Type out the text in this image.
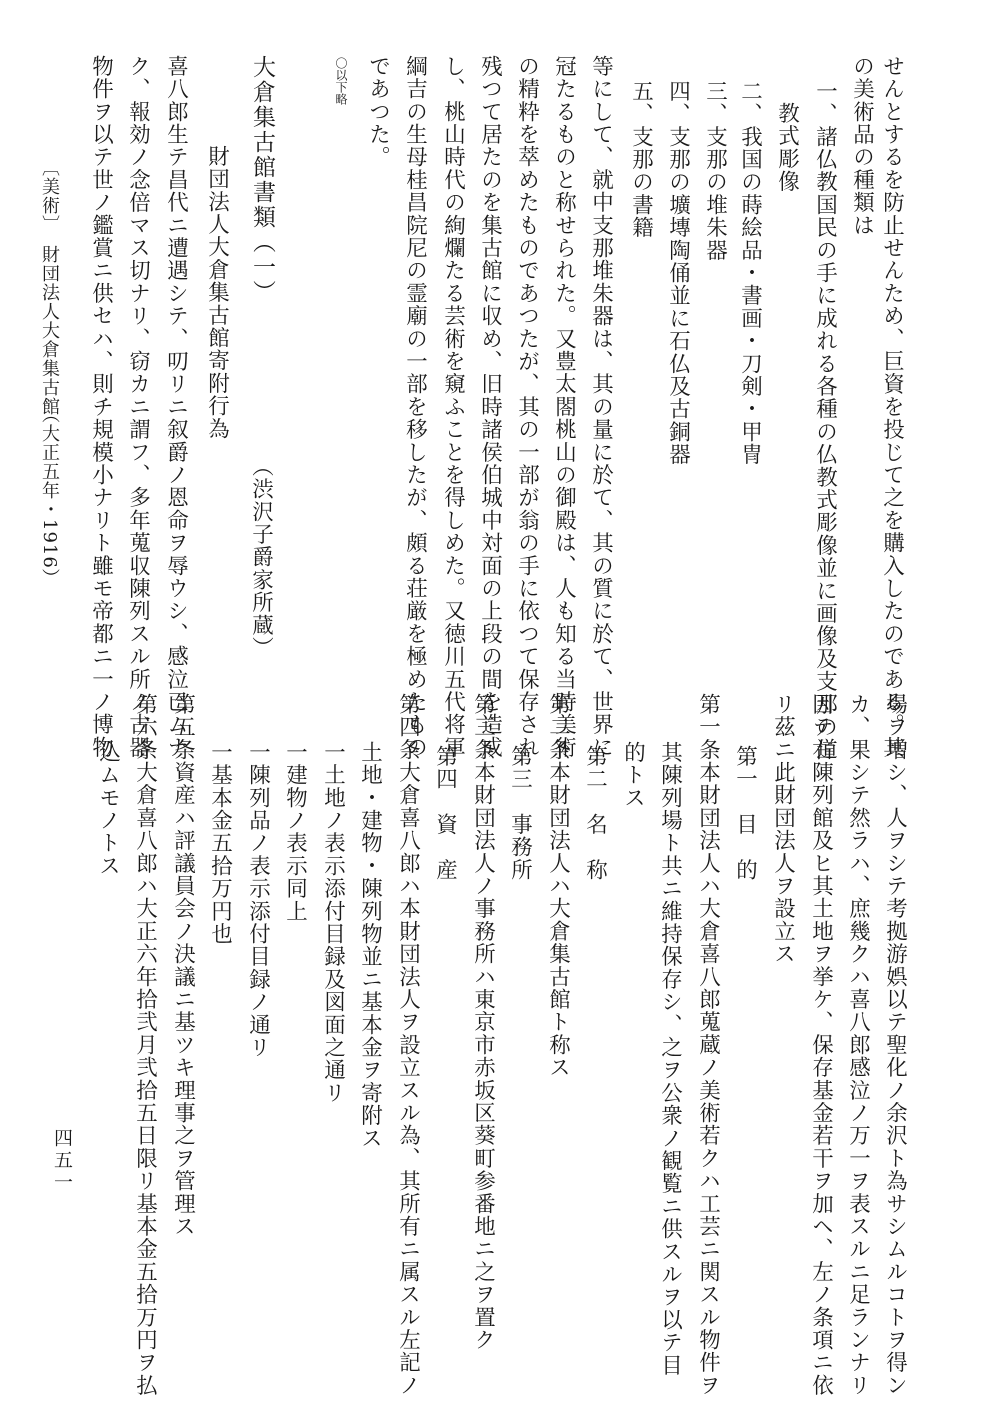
せんとするを防止せんため、巨資を投じて之を購入したのである。其
の美術品の種類は
一、諸仏教国民の手に成れる各種の仏教式彫像並に画像及支那の道
教式彫像
二、我国の蒔絵品・書画・刀剣・甲冑
三、支那の堆朱器
四、支那の壙塼陶俑並に石仏及古銅器
五、支那の書籍
等にして、就中支那堆朱器は、其の量に於て、其の質に於て、世界に
冠たるものと称せられた。又豊太閤桃山の御殿は、人も知る当時美術
の精粋を萃めたものであつたが、其の一部が翁の手に依つて保存され
残つて居たのを集古館に収め、旧時諸侯伯城中対面の上段の間を造成
し、桃山時代の絢爛たる芸術を窺ふことを得しめた。又徳川五代将軍
綱吉の生母桂昌院尼の霊廟の一部を移したが、頗る荘厳を極めたもの
であつた。
〇以下略
大倉集古館書類（一）
（渋沢子爵家所蔵）
財団法人大倉集古館寄附行為
喜八郎生テ昌代ニ遭遇シテ、叨リニ叙爵ノ恩命ヲ辱ウシ、感泣已ムナ
ク、報効ノ念倍マス切ナリ、窃カニ謂フ、多年蒐収陳列スル所ノ古器
物件ヲ以テ世ノ鑑賞ニ供セハ、則チ規模小ナリト雖モ帝都ニ一ノ博物
〔美術〕
財団法人大倉集古館
（大正五年・1916）
場ヲ増シ、人ヲシテ考拠游娯以テ聖化ノ余沢ト為サシムルコトヲ得ン
カ、果シテ然ラハ、庶幾クハ喜八郎感泣ノ万一ヲ表スルニ足ランナリ
因テ右陳列館及ヒ其土地ヲ挙ケ、保存基金若干ヲ加ヘ、左ノ条項ニ依
リ茲ニ此財団法人ヲ設立ス
第一　目　的
第一条本財団法人ハ大倉喜八郎蒐蔵ノ美術若クハ工芸ニ関スル物件ヲ
其陳列場ト共ニ維持保存シ、之ヲ公衆ノ観覧ニ供スルヲ以テ目
的トス
第二　名　称
第二条本財団法人ハ大倉集古館ト称ス
第三　事務所
第三条本財団法人ノ事務所ハ東京市赤坂区葵町参番地ニ之ヲ置ク
第四　資　産
第四条大倉喜八郎ハ本財団法人ヲ設立スル為、其所有ニ属スル左記ノ
土地・建物・陳列物並ニ基本金ヲ寄附ス
一土地ノ表示添付目録及図面之通リ
一建物ノ表示同上
一陳列品ノ表示添付目録ノ通リ
一基本金五拾万円也
第五条資産ハ評議員会ノ決議ニ基ツキ理事之ヲ管理ス
第六条大倉喜八郎ハ大正六年拾弐月弐拾五日限リ基本金五拾万円ヲ払
込ムモノトス
四五一
